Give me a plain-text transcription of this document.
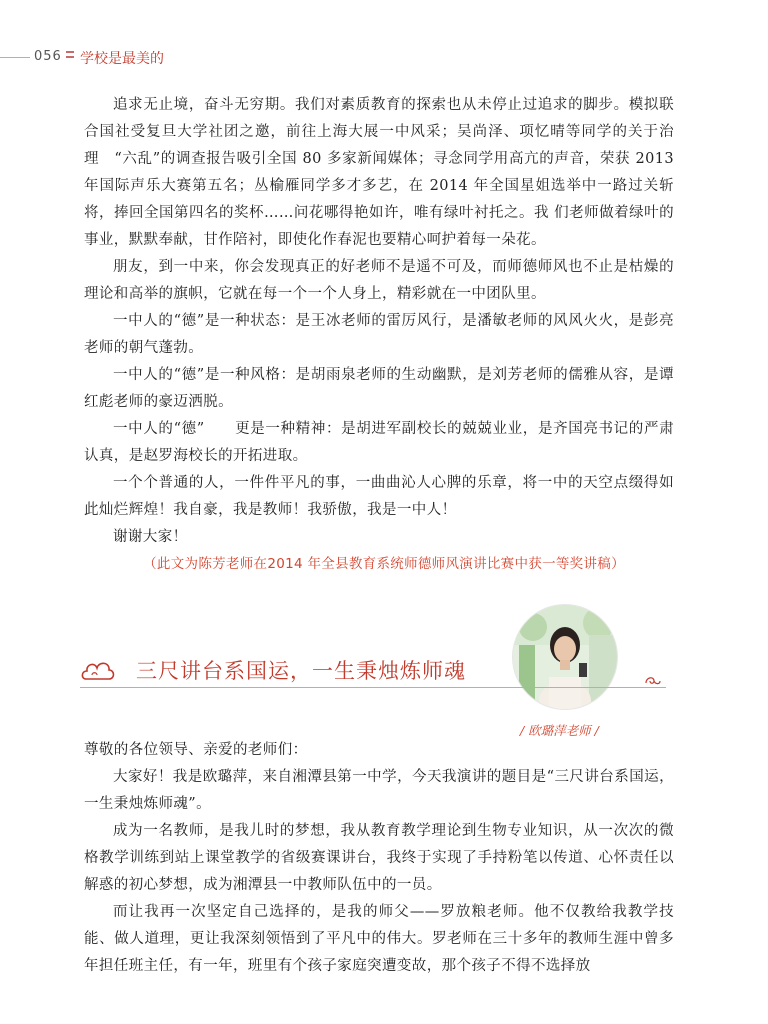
056 学校是最美的

追求无止境，奋斗无穷期。我们对素质教育的探索也从未停止过追求的脚步。模拟联合国社受复旦大学社团之邀，前往上海大展一中风采；吴尚泽、项忆晴等同学的关于治理　“六乱”的调查报告吸引全国 80 多家新闻媒体；寻念同学用高亢的声音，荣获 2013 年国际声乐大赛第五名；丛榆雁同学多才多艺，在 2014 年全国星姐选举中一路过关斩将，捧回全国第四名的奖杯……问花哪得艳如许，唯有绿叶衬托之。我 们老师做着绿叶的事业，默默奉献，甘作陪衬，即使化作春泥也要精心呵护着每一朵花。

朋友，到一中来，你会发现真正的好老师不是遥不可及，而师德师风也不止是枯燥的理论和高举的旗帜，它就在每一个一个人身上，精彩就在一中团队里。

一中人的“德”是一种状态：是王冰老师的雷厉风行，是潘敏老师的风风火火，是彭亮老师的朝气蓬勃。

一中人的“德”是一种风格：是胡雨泉老师的生动幽默，是刘芳老师的儒雅从容，是谭红彪老师的豪迈洒脱。

一中人的“德”　　更是一种精神：是胡进军副校长的兢兢业业，是齐国亮书记的严肃认真，是赵罗海校长的开拓进取。

一个个普通的人，一件件平凡的事，一曲曲沁人心脾的乐章，将一中的天空点缀得如此灿烂辉煌！我自豪，我是教师！我骄傲，我是一中人！

谢谢大家！

（此文为陈芳老师在2014 年全县教育系统师德师风演讲比赛中获一等奖讲稿）
三尺讲台系国运，一生秉烛炼师魂
/ 欧璐萍老师 /

尊敬的各位领导、亲爱的老师们：

大家好！我是欧璐萍，来自湘潭县第一中学，今天我演讲的题目是“三尺讲台系国运，一生秉烛炼师魂”。

成为一名教师，是我儿时的梦想，我从教育教学理论到生物专业知识，从一次次的微格教学训练到站上课堂教学的省级赛课讲台，我终于实现了手持粉笔以传道、心怀责任以解惑的初心梦想，成为湘潭县一中教师队伍中的一员。

而让我再一次坚定自己选择的，是我的师父——罗放粮老师。他不仅教给我教学技能、做人道理，更让我深刻领悟到了平凡中的伟大。罗老师在三十多年的教师生涯中曾多年担任班主任，有一年，班里有个孩子家庭突遭变故，那个孩子不得不选择放
